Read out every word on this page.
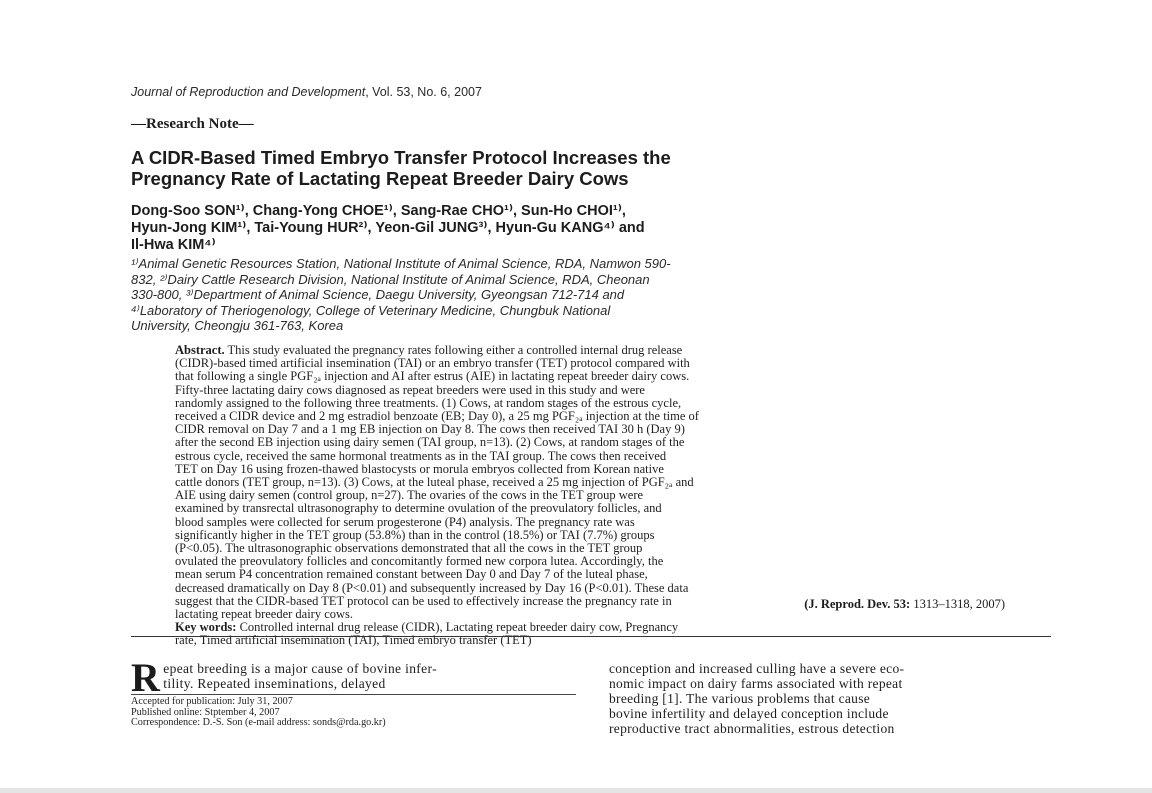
Journal of Reproduction and Development, Vol. 53, No. 6, 2007
—Research Note—
A CIDR-Based Timed Embryo Transfer Protocol Increases the
Pregnancy Rate of Lactating Repeat Breeder Dairy Cows
Dong-Soo SON¹⁾, Chang-Yong CHOE¹⁾, Sang-Rae CHO¹⁾, Sun-Ho CHOI¹⁾,
Hyun-Jong KIM¹⁾, Tai-Young HUR²⁾, Yeon-Gil JUNG³⁾, Hyun-Gu KANG⁴⁾ and
Il-Hwa KIM⁴⁾
¹⁾Animal Genetic Resources Station, National Institute of Animal Science, RDA, Namwon 590-
832, ²⁾Dairy Cattle Research Division, National Institute of Animal Science, RDA, Cheonan
330-800, ³⁾Department of Animal Science, Daegu University, Gyeongsan 712-714 and
⁴⁾Laboratory of Theriogenology, College of Veterinary Medicine, Chungbuk National
University, Cheongju 361-763, Korea
Abstract. This study evaluated the pregnancy rates following either a controlled internal drug release
(CIDR)-based timed artificial insemination (TAI) or an embryo transfer (TET) protocol compared with
that following a single PGF₂ₐ injection and AI after estrus (AIE) in lactating repeat breeder dairy cows.
Fifty-three lactating dairy cows diagnosed as repeat breeders were used in this study and were
randomly assigned to the following three treatments. (1) Cows, at random stages of the estrous cycle,
received a CIDR device and 2 mg estradiol benzoate (EB; Day 0), a 25 mg PGF₂ₐ injection at the time of
CIDR removal on Day 7 and a 1 mg EB injection on Day 8. The cows then received TAI 30 h (Day 9)
after the second EB injection using dairy semen (TAI group, n=13). (2) Cows, at random stages of the
estrous cycle, received the same hormonal treatments as in the TAI group. The cows then received
TET on Day 16 using frozen-thawed blastocysts or morula embryos collected from Korean native
cattle donors (TET group, n=13). (3) Cows, at the luteal phase, received a 25 mg injection of PGF₂ₐ and
AIE using dairy semen (control group, n=27). The ovaries of the cows in the TET group were
examined by transrectal ultrasonography to determine ovulation of the preovulatory follicles, and
blood samples were collected for serum progesterone (P4) analysis. The pregnancy rate was
significantly higher in the TET group (53.8%) than in the control (18.5%) or TAI (7.7%) groups
(P<0.05). The ultrasonographic observations demonstrated that all the cows in the TET group
ovulated the preovulatory follicles and concomitantly formed new corpora lutea. Accordingly, the
mean serum P4 concentration remained constant between Day 0 and Day 7 of the luteal phase,
decreased dramatically on Day 8 (P<0.01) and subsequently increased by Day 16 (P<0.01). These data
suggest that the CIDR-based TET protocol can be used to effectively increase the pregnancy rate in
lactating repeat breeder dairy cows.
Key words: Controlled internal drug release (CIDR), Lactating repeat breeder dairy cow, Pregnancy
rate, Timed artificial insemination (TAI), Timed embryo transfer (TET)
(J. Reprod. Dev. 53: 1313–1318, 2007)
R epeat breeding is a major cause of bovine infer-
tility. Repeated inseminations, delayed
Accepted for publication: July 31, 2007
Published online: Stptember 4, 2007
Correspondence: D.-S. Son (e-mail address: sonds@rda.go.kr)
conception and increased culling have a severe eco-
nomic impact on dairy farms associated with repeat
breeding [1]. The various problems that cause
bovine infertility and delayed conception include
reproductive tract abnormalities, estrous detection
